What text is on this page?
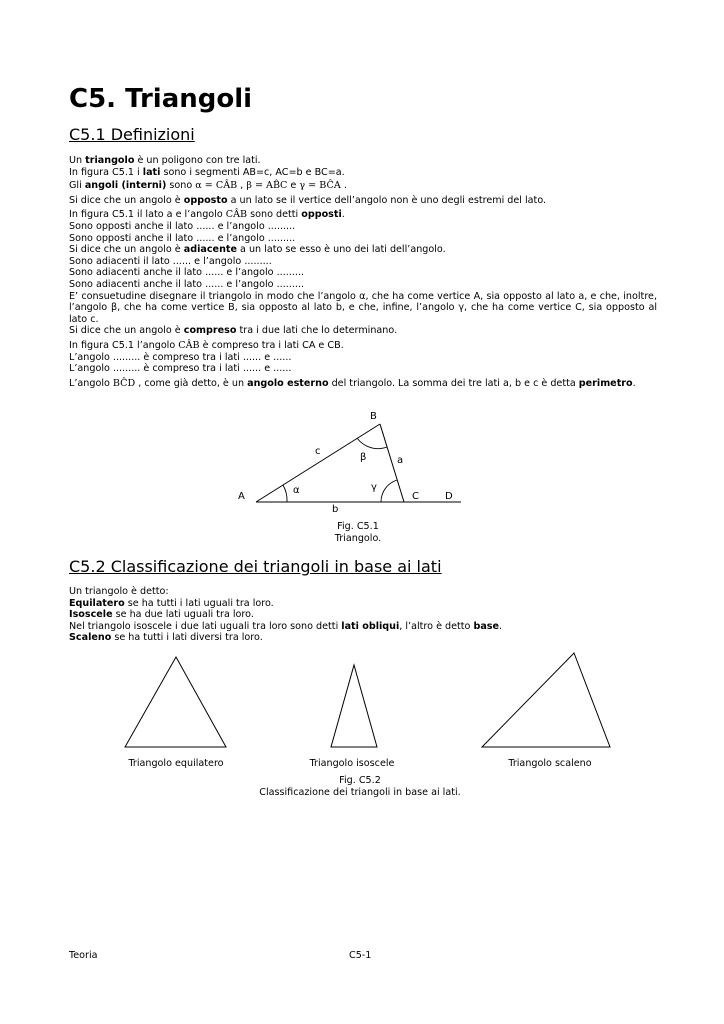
C5. Triangoli
C5.1 Definizioni

Un triangolo è un poligono con tre lati.

In figura C5.1 i lati sono i segmenti AB=c, AC=b e BC=a.

Gli angoli (interni) sono α = CÂB , β = AB̂C e γ = BĈA .

Si dice che un angolo è opposto a un lato se il vertice dell’angolo non è uno degli estremi del lato.

In figura C5.1 il lato a e l’angolo CÂB sono detti opposti.

Sono opposti anche il lato ...... e l’angolo .........

Sono opposti anche il lato ...... e l’angolo .........

Si dice che un angolo è adiacente a un lato se esso è uno dei lati dell’angolo.

Sono adiacenti il lato ...... e l’angolo .........

Sono adiacenti anche il lato ...... e l’angolo .........

Sono adiacenti anche il lato ...... e l’angolo .........

E’ consuetudine disegnare il triangolo in modo che l’angolo α, che ha come vertice A, sia opposto al lato a, e che, inoltre, l’angolo β, che ha come vertice B, sia opposto al lato b, e che, infine, l’angolo γ, che ha come vertice C, sia opposto al lato c.

Si dice che un angolo è compreso tra i due lati che lo determinano.

In figura C5.1 l’angolo CÂB è compreso tra i lati CA e CB.

L’angolo ......... è compreso tra i lati ...... e ......

L’angolo ......... è compreso tra i lati ...... e ......

L’angolo BĈD , come già detto, è un angolo esterno del triangolo. La somma dei tre lati a, b e c è detta perimetro.

B
A	C	D
c
a
b
α
β
γ
Fig. C5.1
Triangolo.
C5.2 Classificazione dei triangoli in base ai lati

Un triangolo è detto:

Equilatero se ha tutti i lati uguali tra loro.

Isoscele se ha due lati uguali tra loro.

Nel triangolo isoscele i due lati uguali tra loro sono detti lati obliqui, l’altro è detto base.

Scaleno se ha tutti i lati diversi tra loro.

Triangolo equilatero	Triangolo isoscele	Triangolo scaleno
Fig. C5.2
Classificazione dei triangoli in base ai lati.
Teoria	C5-1
